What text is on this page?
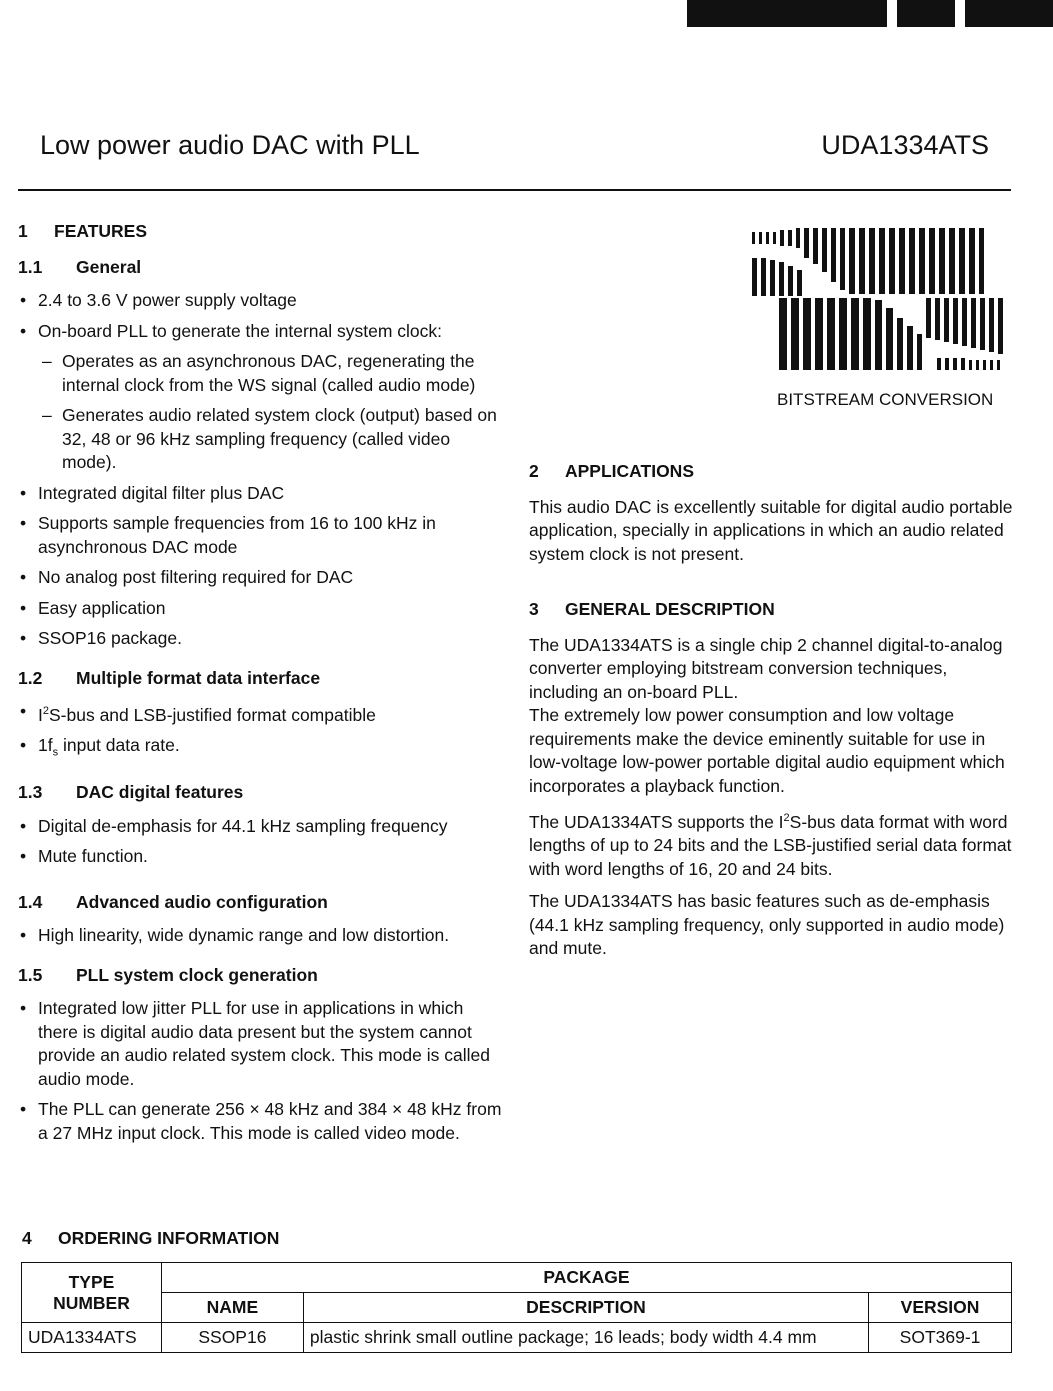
Low power audio DAC with PLL	UDA1334ATS
1 FEATURES
1.1 General
• 2.4 to 3.6 V power supply voltage
• On-board PLL to generate the internal system clock:
– Operates as an asynchronous DAC, regenerating the internal clock from the WS signal (called audio mode)
– Generates audio related system clock (output) based on 32, 48 or 96 kHz sampling frequency (called video mode).
• Integrated digital filter plus DAC
• Supports sample frequencies from 16 to 100 kHz in asynchronous DAC mode
• No analog post filtering required for DAC
• Easy application
• SSOP16 package.
1.2 Multiple format data interface
• $I^2S$-bus and LSB-justified format compatible
• $1f_s$ input data rate.
1.3 DAC digital features
• Digital de-emphasis for 44.1 kHz sampling frequency
• Mute function.
1.4 Advanced audio configuration
• High linearity, wide dynamic range and low distortion.
1.5 PLL system clock generation
• Integrated low jitter PLL for use in applications in which there is digital audio data present but the system cannot provide an audio related system clock. This mode is called audio mode.
• The PLL can generate 256 × 48 kHz and 384 × 48 kHz from a 27 MHz input clock. This mode is called video mode.
BITSTREAM CONVERSION
2 APPLICATIONS

This audio DAC is excellently suitable for digital audio portable application, specially in applications in which an audio related system clock is not present.

3 GENERAL DESCRIPTION

The UDA1334ATS is a single chip 2 channel digital-to-analog converter employing bitstream conversion techniques, including an on-board PLL.

The extremely low power consumption and low voltage requirements make the device eminently suitable for use in low-voltage low-power portable digital audio equipment which incorporates a playback function.

The UDA1334ATS supports the $I^2S$-bus data format with word lengths of up to 24 bits and the LSB-justified serial data format with word lengths of 16, 20 and 24 bits.

The UDA1334ATS has basic features such as de-emphasis (44.1 kHz sampling frequency, only supported in audio mode) and mute.

4 ORDERING INFORMATION
TYPE NUMBER	PACKAGE		
	NAME	DESCRIPTION	VERSION
UDA1334ATS	SSOP16	plastic shrink small outline package; 16 leads; body width 4.4 mm	SOT369-1
